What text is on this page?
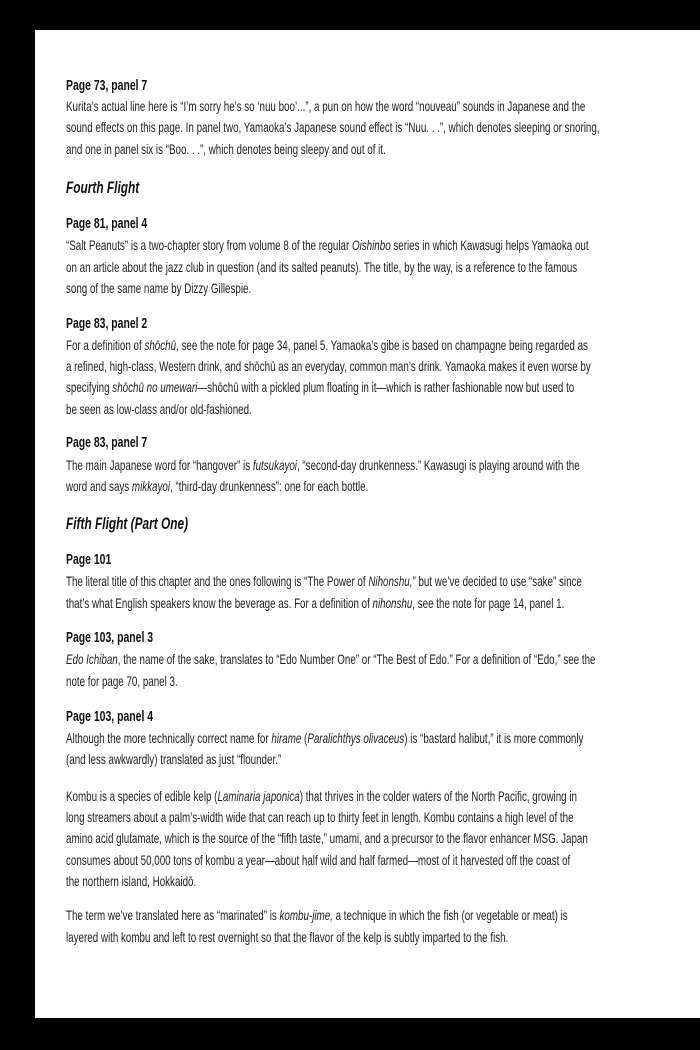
Page 73, panel 7
Kurita’s actual line here is “I’m sorry he’s so ‘nuu boo’...”, a pun on how the word “nouveau” sounds in Japanese and the
sound effects on this page. In panel two, Yamaoka’s Japanese sound effect is “Nuu. . .”, which denotes sleeping or snoring,
and one in panel six is “Boo. . .”, which denotes being sleepy and out of it.
Fourth Flight
Page 81, panel 4
“Salt Peanuts” is a two-chapter story from volume 8 of the regular Oishinbo series in which Kawasugi helps Yamaoka out
on an article about the jazz club in question (and its salted peanuts). The title, by the way, is a reference to the famous
song of the same name by Dizzy Gillespie.
Page 83, panel 2
For a definition of shōchū, see the note for page 34, panel 5. Yamaoka’s gibe is based on champagne being regarded as
a refined, high-class, Western drink, and shōchū as an everyday, common man’s drink. Yamaoka makes it even worse by
specifying shōchū no umewari—shōchū with a pickled plum floating in it—which is rather fashionable now but used to
be seen as low-class and/or old-fashioned.
Page 83, panel 7
The main Japanese word for “hangover” is futsukayoi, “second-day drunkenness.” Kawasugi is playing around with the
word and says mikkayoi, “third-day drunkenness”: one for each bottle.
Fifth Flight (Part One)
Page 101
The literal title of this chapter and the ones following is “The Power of Nihonshu,” but we’ve decided to use “sake” since
that’s what English speakers know the beverage as. For a definition of nihonshu, see the note for page 14, panel 1.
Page 103, panel 3
Edo Ichiban, the name of the sake, translates to “Edo Number One” or “The Best of Edo.” For a definition of “Edo,” see the
note for page 70, panel 3.
Page 103, panel 4
Although the more technically correct name for hirame (Paralichthys olivaceus) is “bastard halibut,” it is more commonly
(and less awkwardly) translated as just “flounder.”
Kombu is a species of edible kelp (Laminaria japonica) that thrives in the colder waters of the North Pacific, growing in
long streamers about a palm’s-width wide that can reach up to thirty feet in length. Kombu contains a high level of the
amino acid glutamate, which is the source of the “fifth taste,” umami, and a precursor to the flavor enhancer MSG. Japan
consumes about 50,000 tons of kombu a year—about half wild and half farmed—most of it harvested off the coast of
the northern island, Hokkaidō.
The term we’ve translated here as “marinated” is kombu-jime, a technique in which the fish (or vegetable or meat) is
layered with kombu and left to rest overnight so that the flavor of the kelp is subtly imparted to the fish.
